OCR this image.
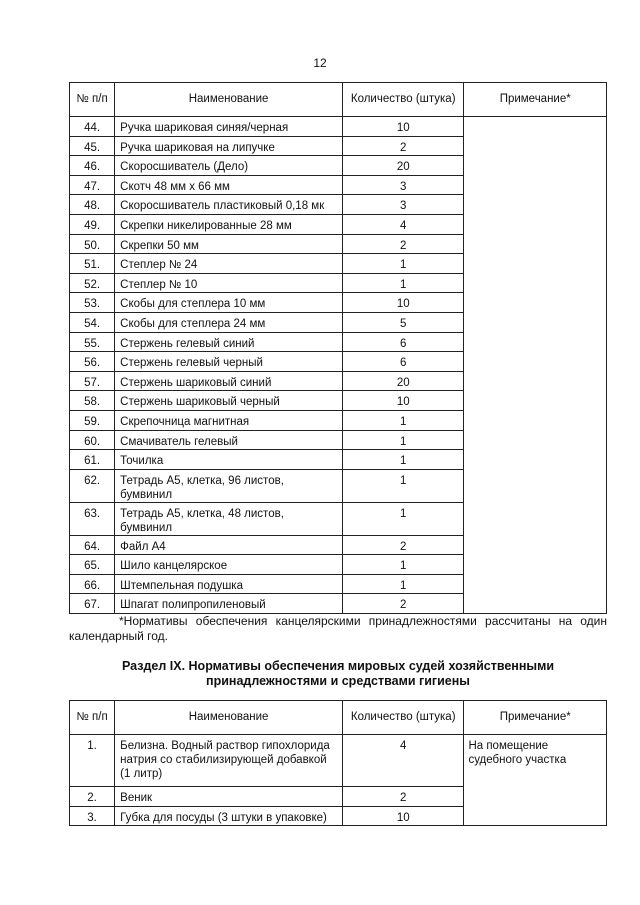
12
№ п/п	Наименование	Количество (штука)	Примечание*
44.	Ручка шариковая синяя/черная	10	
45.	Ручка шариковая на липучке	2	
46.	Скоросшиватель (Дело)	20	
47.	Скотч 48 мм х 66 мм	3	
48.	Скоросшиватель пластиковый 0,18 мк	3	
49.	Скрепки никелированные 28 мм	4	
50.	Скрепки 50 мм	2	
51.	Степлер № 24	1	
52.	Степлер № 10	1	
53.	Скобы для степлера 10 мм	10	
54.	Скобы для степлера 24 мм	5	
55.	Стержень гелевый синий	6	
56.	Стержень гелевый черный	6	
57.	Стержень шариковый синий	20	
58.	Стержень шариковый черный	10	
59.	Скрепочница магнитная	1	
60.	Смачиватель гелевый	1	
61.	Точилка	1	
62.	Тетрадь А5, клетка, 96 листов, бумвинил	1	
63.	Тетрадь А5, клетка, 48 листов, бумвинил	1	
64.	Файл А4	2	
65.	Шило канцелярское	1	
66.	Штемпельная подушка	1	
67.	Шпагат полипропиленовый	2	
*Нормативы обеспечения канцелярскими принадлежностями рассчитаны на один календарный год.
Раздел IX. Нормативы обеспечения мировых судей хозяйственными принадлежностями и средствами гигиены
№ п/п	Наименование	Количество (штука)	Примечание*
1.	Белизна. Водный раствор гипохлорида натрия со стабилизирующей добавкой (1 литр)	4	На помещение судебного участка
2.	Веник	2	
3.	Губка для посуды (3 штуки в упаковке)	10	
